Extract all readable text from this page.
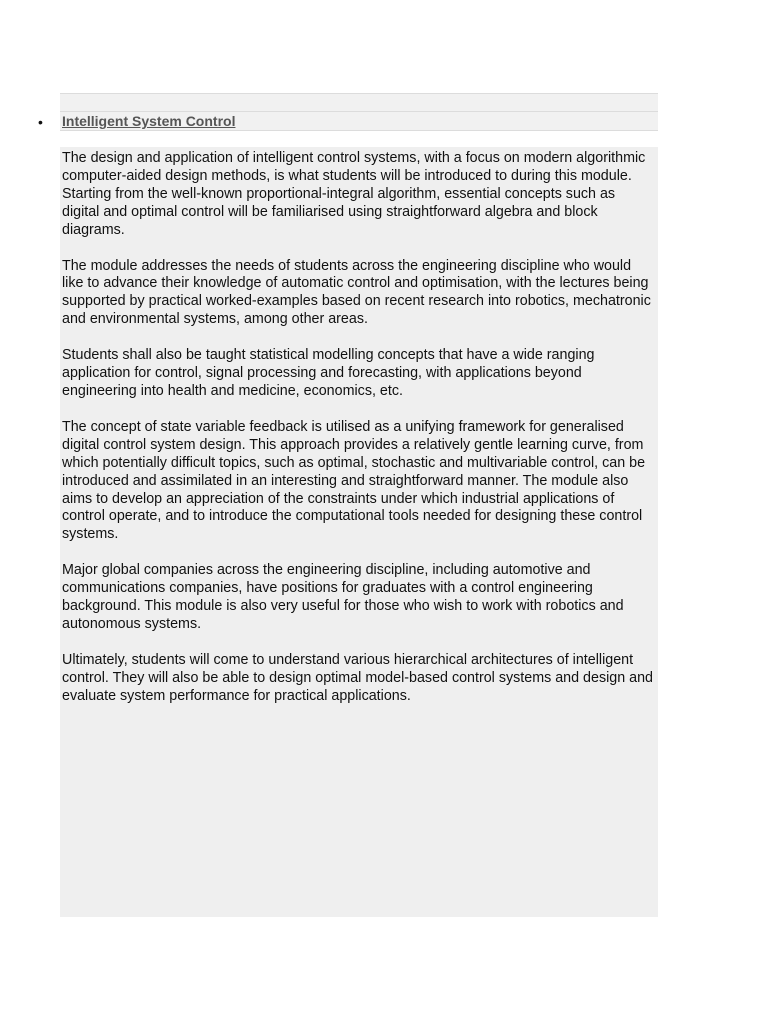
• Intelligent System Control

The design and application of intelligent control systems, with a focus on modern algorithmic computer-aided design methods, is what students will be introduced to during this module. Starting from the well-known proportional-integral algorithm, essential concepts such as digital and optimal control will be familiarised using straightforward algebra and block diagrams.

The module addresses the needs of students across the engineering discipline who would like to advance their knowledge of automatic control and optimisation, with the lectures being supported by practical worked-examples based on recent research into robotics, mechatronic and environmental systems, among other areas.

Students shall also be taught statistical modelling concepts that have a wide ranging application for control, signal processing and forecasting, with applications beyond engineering into health and medicine, economics, etc.

The concept of state variable feedback is utilised as a unifying framework for generalised digital control system design. This approach provides a relatively gentle learning curve, from which potentially difficult topics, such as optimal, stochastic and multivariable control, can be introduced and assimilated in an interesting and straightforward manner. The module also aims to develop an appreciation of the constraints under which industrial applications of control operate, and to introduce the computational tools needed for designing these control systems.

Major global companies across the engineering discipline, including automotive and communications companies, have positions for graduates with a control engineering background. This module is also very useful for those who wish to work with robotics and autonomous systems.

Ultimately, students will come to understand various hierarchical architectures of intelligent control. They will also be able to design optimal model-based control systems and design and evaluate system performance for practical applications.
